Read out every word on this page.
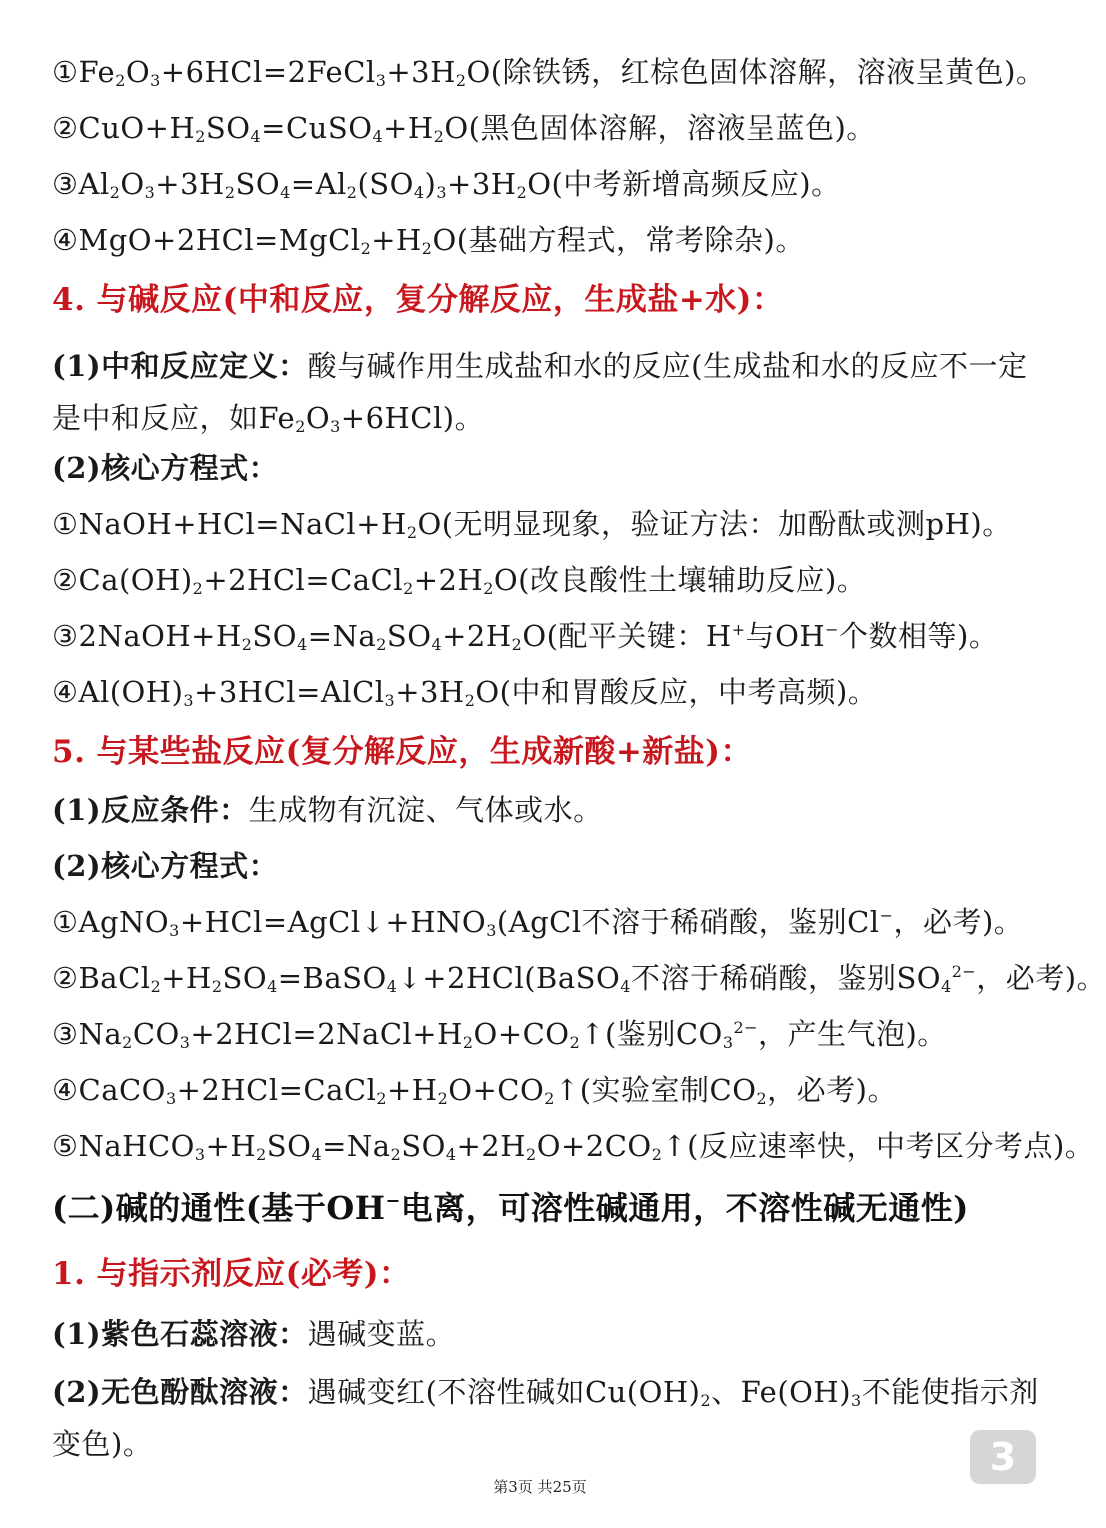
$①Fe_2O_3+6HCl=2FeCl_3+3H_2O$(除铁锈，红棕色固体溶解，溶液呈黄色)。
$②CuO+H_2SO_4=CuSO_4+H_2O$(黑色固体溶解，溶液呈蓝色)。
$③Al_2O_3+3H_2SO_4=Al_2(SO_4)_3+3H_2O$(中考新增高频反应)。
$④MgO+2HCl=MgCl_2+H_2O$(基础方程式，常考除杂)。
4. 与碱反应(中和反应，复分解反应，生成盐+水)：
(1)中和反应定义：酸与碱作用生成盐和水的反应(生成盐和水的反应不一定是中和反应，如$Fe_2O_3+6HCl$)。
(2)核心方程式：
$①NaOH+HCl=NaCl+H_2O$(无明显现象，验证方法：加酚酞或测pH)。
$②Ca(OH)_2+2HCl=CaCl_2+2H_2O$(改良酸性土壤辅助反应)。
$③2NaOH+H_2SO_4=Na_2SO_4+2H_2O$(配平关键：H+与OH−个数相等)。
$④Al(OH)_3+3HCl=AlCl_3+3H_2O$(中和胃酸反应，中考高频)。
5. 与某些盐反应(复分解反应，生成新酸+新盐)：
(1)反应条件：生成物有沉淀、气体或水。
(2)核心方程式：
$①AgNO_3+HCl=AgCl↓+HNO_3(AgCl$不溶于稀硝酸，鉴别Cl−，必考)。
$②BaCl_2+H_2SO_4=BaSO_4↓+2HCl(BaSO_4$不溶于稀硝酸，鉴别$SO_4^{2-}$，必考)。
$③Na_2CO_3+2HCl=2NaCl+H_2O+CO_2↑$(鉴别$CO_3^{2-}$，产生气泡)。
$④CaCO_3+2HCl=CaCl_2+H_2O+CO_2↑$(实验室制$CO_2$，必考)。
$⑤NaHCO_3+H_2SO_4=Na_2SO_4+2H_2O+2CO_2↑$(反应速率快，中考区分考点)。
(二)碱的通性(基于OH−电离，可溶性碱通用，不溶性碱无通性)
1. 与指示剂反应(必考)：
(1)紫色石蕊溶液：遇碱变蓝。
(2)无色酚酞溶液：遇碱变红(不溶性碱如$Cu(OH)_2$、$Fe(OH)_3$不能使指示剂变色)。	3
第3页 共25页
